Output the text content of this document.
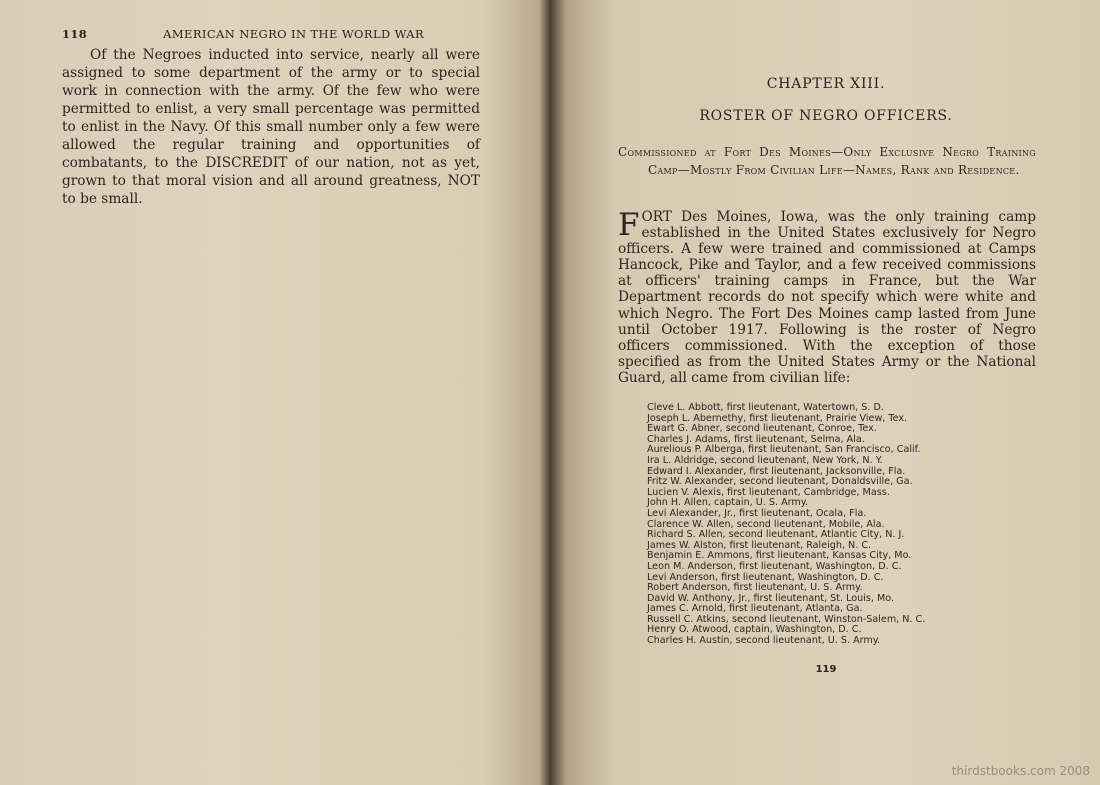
118	AMERICAN NEGRO IN THE WORLD WAR

Of the Negroes inducted into service, nearly all were assigned to some department of the army or to special work in connection with the army. Of the few who were permitted to enlist, a very small percentage was permitted to enlist in the Navy. Of this small number only a few were allowed the regular training and opportunities of combatants, to the DISCREDIT of our nation, not as yet, grown to that moral vision and all around greatness, NOT to be small.

CHAPTER XIII.
ROSTER OF NEGRO OFFICERS.
Commissioned at Fort Des Moines—Only Exclusive Negro Training Camp—Mostly From Civilian Life—Names, Rank and Residence.
FORT Des Moines, Iowa, was the only training camp established in the United States exclusively for Negro officers. A few were trained and commissioned at Camps Hancock, Pike and Taylor, and a few received commissions at officers' training camps in France, but the War Department records do not specify which were white and which Negro. The Fort Des Moines camp lasted from June until October 1917. Following is the roster of Negro officers commissioned. With the exception of those specified as from the United States Army or the National Guard, all came from civilian life:
Cleve L. Abbott, first lieutenant, Watertown, S. D.
Joseph L. Abernethy, first lieutenant, Prairie View, Tex.
Ewart G. Abner, second lieutenant, Conroe, Tex.
Charles J. Adams, first lieutenant, Selma, Ala.
Aurelious P. Alberga, first lieutenant, San Francisco, Calif.
Ira L. Aldridge, second lieutenant, New York, N. Y.
Edward I. Alexander, first lieutenant, Jacksonville, Fla.
Fritz W. Alexander, second lieutenant, Donaldsville, Ga.
Lucien V. Alexis, first lieutenant, Cambridge, Mass.
John H. Allen, captain, U. S. Army.
Levi Alexander, Jr., first lieutenant, Ocala, Fla.
Clarence W. Allen, second lieutenant, Mobile, Ala.
Richard S. Allen, second lieutenant, Atlantic City, N. J.
James W. Alston, first lieutenant, Raleigh, N. C.
Benjamin E. Ammons, first lieutenant, Kansas City, Mo.
Leon M. Anderson, first lieutenant, Washington, D. C.
Levi Anderson, first lieutenant, Washington, D. C.
Robert Anderson, first lieutenant, U. S. Army.
David W. Anthony, Jr., first lieutenant, St. Louis, Mo.
James C. Arnold, first lieutenant, Atlanta, Ga.
Russell C. Atkins, second lieutenant, Winston-Salem, N. C.
Henry O. Atwood, captain, Washington, D. C.
Charles H. Austin, second lieutenant, U. S. Army.
119
thirdstbooks.com 2008
